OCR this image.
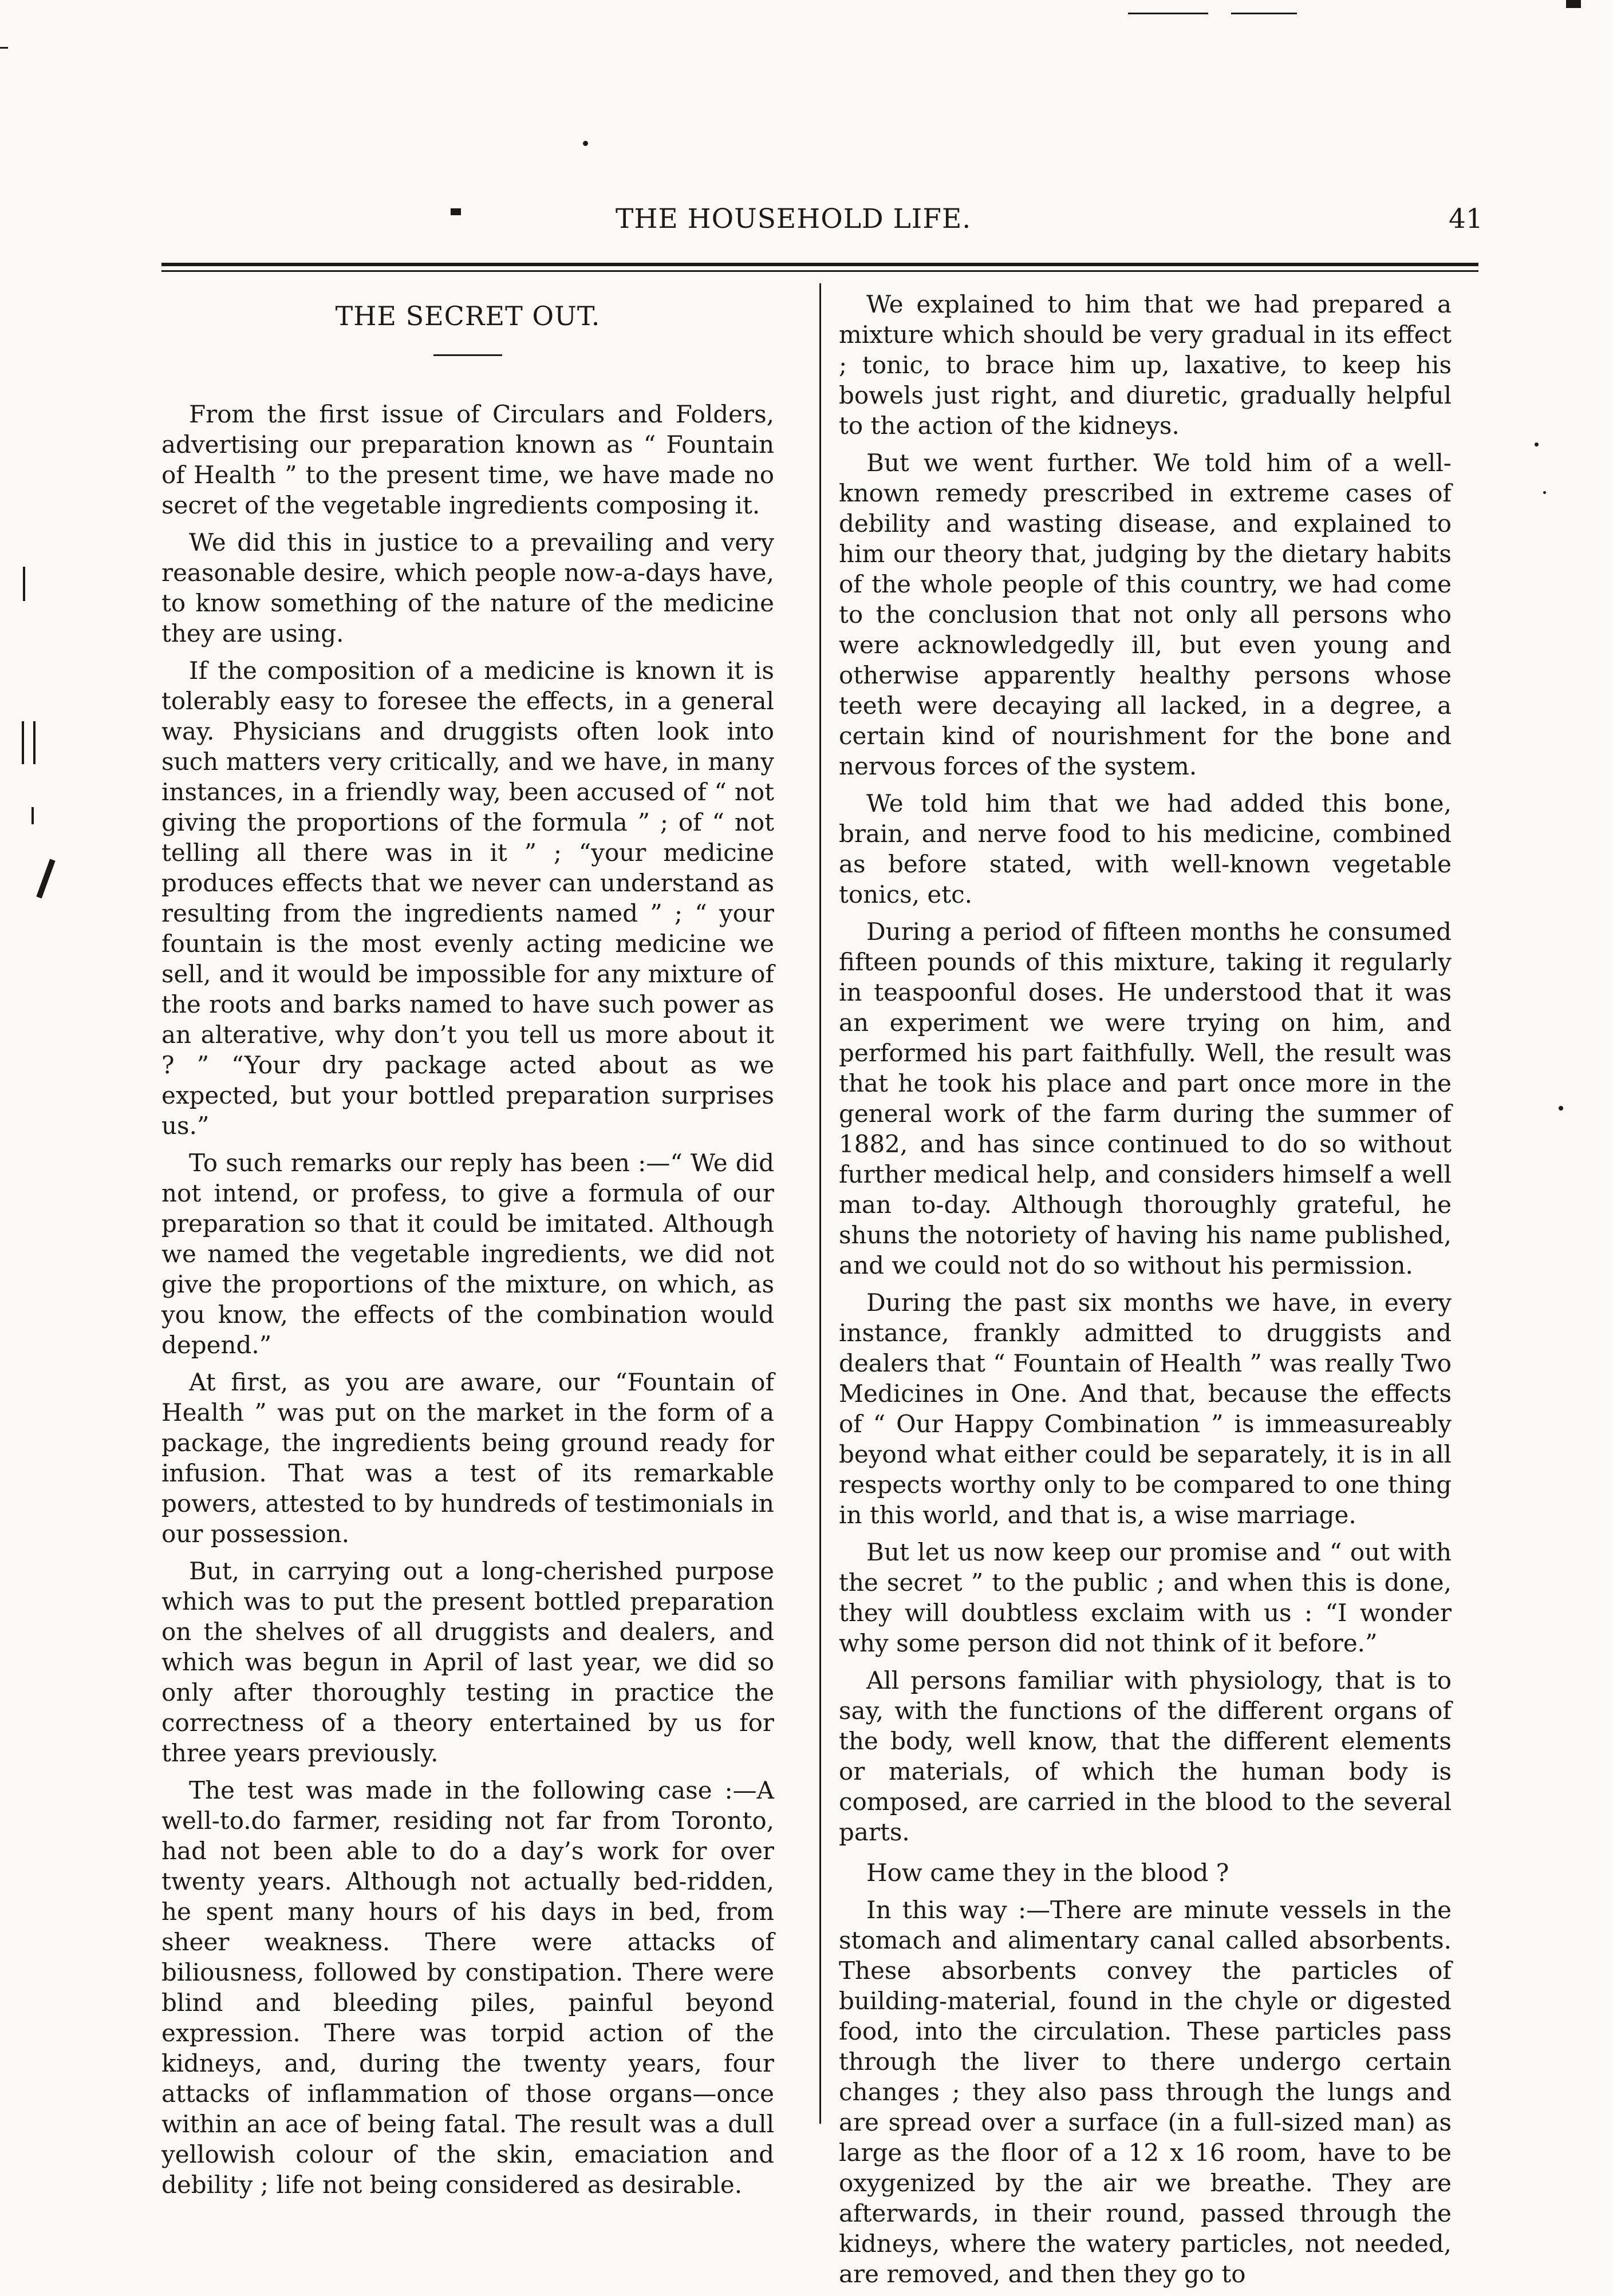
THE HOUSEHOLD LIFE.	41
THE SECRET OUT.

From the first issue of Circulars and Folders, advertising our preparation known as “ Fountain of Health ” to the present time, we have made no secret of the vegetable ingredients composing it.

We did this in justice to a prevailing and very reasonable desire, which people now-a-days have, to know something of the nature of the medicine they are using.

If the composition of a medicine is known it is tolerably easy to foresee the effects, in a general way. Physicians and druggists often look into such matters very critically, and we have, in many instances, in a friendly way, been accused of “ not giving the proportions of the formula ” ; of “ not telling all there was in it ” ; “your medicine produces effects that we never can understand as resulting from the ingredients named ” ; “ your fountain is the most evenly acting medicine we sell, and it would be impossible for any mixture of the roots and barks named to have such power as an alterative, why don’t you tell us more about it ? ” “Your dry package acted about as we expected, but your bottled preparation surprises us.”

To such remarks our reply has been :—“ We did not intend, or profess, to give a formula of our preparation so that it could be imitated. Although we named the vegetable ingredients, we did not give the proportions of the mixture, on which, as you know, the effects of the combination would depend.”

At first, as you are aware, our “Fountain of Health ” was put on the market in the form of a package, the ingredients being ground ready for infusion. That was a test of its remarkable powers, attested to by hundreds of testimonials in our possession.

But, in carrying out a long-cherished purpose which was to put the present bottled preparation on the shelves of all druggists and dealers, and which was begun in April of last year, we did so only after thoroughly testing in practice the correctness of a theory entertained by us for three years previously.

The test was made in the following case :—A well-to.do farmer, residing not far from Toronto, had not been able to do a day’s work for over twenty years. Although not actually bed-ridden, he spent many hours of his days in bed, from sheer weakness. There were attacks of biliousness, followed by constipation. There were blind and bleeding piles, painful beyond expression. There was torpid action of the kidneys, and, during the twenty years, four attacks of inflammation of those organs—once within an ace of being fatal. The result was a dull yellowish colour of the skin, emaciation and debility ; life not being considered as desirable.

We explained to him that we had prepared a mixture which should be very gradual in its effect ; tonic, to brace him up, laxative, to keep his bowels just right, and diuretic, gradually helpful to the action of the kidneys.

But we went further. We told him of a well-known remedy prescribed in extreme cases of debility and wasting disease, and explained to him our theory that, judging by the dietary habits of the whole people of this country, we had come to the conclusion that not only all persons who were acknowledgedly ill, but even young and otherwise apparently healthy persons whose teeth were decaying all lacked, in a degree, a certain kind of nourishment for the bone and nervous forces of the system.

We told him that we had added this bone, brain, and nerve food to his medicine, combined as before stated, with well-known vegetable tonics, etc.

During a period of fifteen months he consumed fifteen pounds of this mixture, taking it regularly in teaspoonful doses. He understood that it was an experiment we were trying on him, and performed his part faithfully. Well, the result was that he took his place and part once more in the general work of the farm during the summer of 1882, and has since continued to do so without further medical help, and considers himself a well man to-day. Although thoroughly grateful, he shuns the notoriety of having his name published, and we could not do so without his permission.

During the past six months we have, in every instance, frankly admitted to druggists and dealers that “ Fountain of Health ” was really Two Medicines in One. And that, because the effects of “ Our Happy Combination ” is immeasureably beyond what either could be separately, it is in all respects worthy only to be compared to one thing in this world, and that is, a wise marriage.

But let us now keep our promise and “ out with the secret ” to the public ; and when this is done, they will doubtless exclaim with us : “I wonder why some person did not think of it before.”

All persons familiar with physiology, that is to say, with the functions of the different organs of the body, well know, that the different elements or materials, of which the human body is composed, are carried in the blood to the several parts.

How came they in the blood ?

In this way :—There are minute vessels in the stomach and alimentary canal called absorbents. These absorbents convey the particles of building-material, found in the chyle or digested food, into the circulation. These particles pass through the liver to there undergo certain changes ; they also pass through the lungs and are spread over a surface (in a full-sized man) as large as the floor of a 12 x 16 room, have to be oxygenized by the air we breathe. They are afterwards, in their round, passed through the kidneys, where the watery particles, not needed, are removed, and then they go to
